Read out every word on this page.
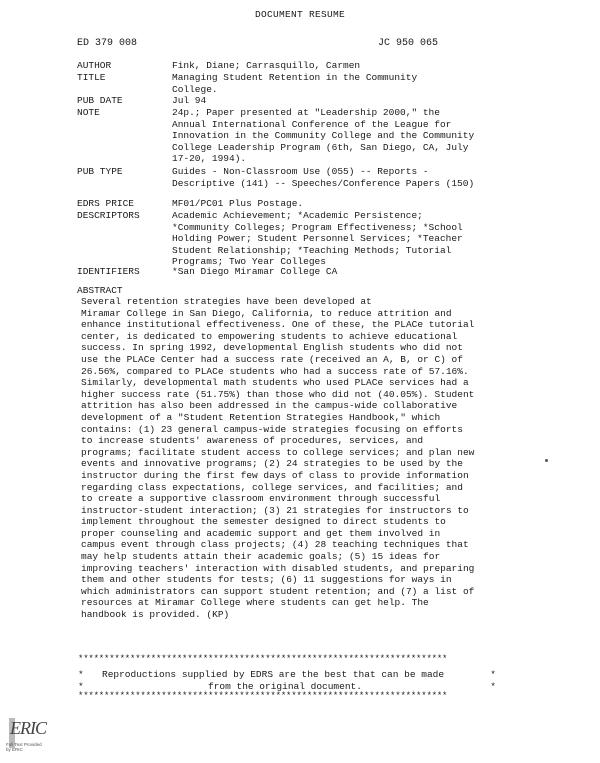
DOCUMENT RESUME
ED 379 008	JC 950 065
AUTHOR	Fink, Diane; Carrasquillo, Carmen
TITLE	Managing Student Retention in the Community
College.
PUB DATE	Jul 94
NOTE	24p.; Paper presented at "Leadership 2000," the
Annual International Conference of the League for
Innovation in the Community College and the Community
College Leadership Program (6th, San Diego, CA, July
17-20, 1994).
PUB TYPE	Guides - Non-Classroom Use (055) -- Reports -
Descriptive (141) -- Speeches/Conference Papers (150)
EDRS PRICE	MF01/PC01 Plus Postage.
DESCRIPTORS	Academic Achievement; *Academic Persistence;
*Community Colleges; Program Effectiveness; *School
Holding Power; Student Personnel Services; *Teacher
Student Relationship; *Teaching Methods; Tutorial
Programs; Two Year Colleges
IDENTIFIERS	*San Diego Miramar College CA
ABSTRACT
Several retention strategies have been developed at
Miramar College in San Diego, California, to reduce attrition and
enhance institutional effectiveness. One of these, the PLACe tutorial
center, is dedicated to empowering students to achieve educational
success. In spring 1992, developmental English students who did not
use the PLACe Center had a success rate (received an A, B, or C) of
26.56%, compared to PLACe students who had a success rate of 57.16%.
Similarly, developmental math students who used PLACe services had a
higher success rate (51.75%) than those who did not (40.05%). Student
attrition has also been addressed in the campus-wide collaborative
development of a "Student Retention Strategies Handbook," which
contains: (1) 23 general campus-wide strategies focusing on efforts
to increase students' awareness of procedures, services, and
programs; facilitate student access to college services; and plan new
events and innovative programs; (2) 24 strategies to be used by the
instructor during the first few days of class to provide information
regarding class expectations, college services, and facilities; and
to create a supportive classroom environment through successful
instructor-student interaction; (3) 21 strategies for instructors to
implement throughout the semester designed to direct students to
proper counseling and academic support and get them involved in
campus event through class projects; (4) 28 teaching techniques that
may help students attain their academic goals; (5) 15 ideas for
improving teachers' interaction with disabled students, and preparing
them and other students for tests; (6) 11 suggestions for ways in
which administrators can support student retention; and (7) a list of
resources at Miramar College where students can get help. The
handbook is provided. (KP)
***********************************************************************
*	*
Reproductions supplied by EDRS are the best that can be made
*	*
from the original document.
***********************************************************************
ERIC
Full Text Provided by ERIC
